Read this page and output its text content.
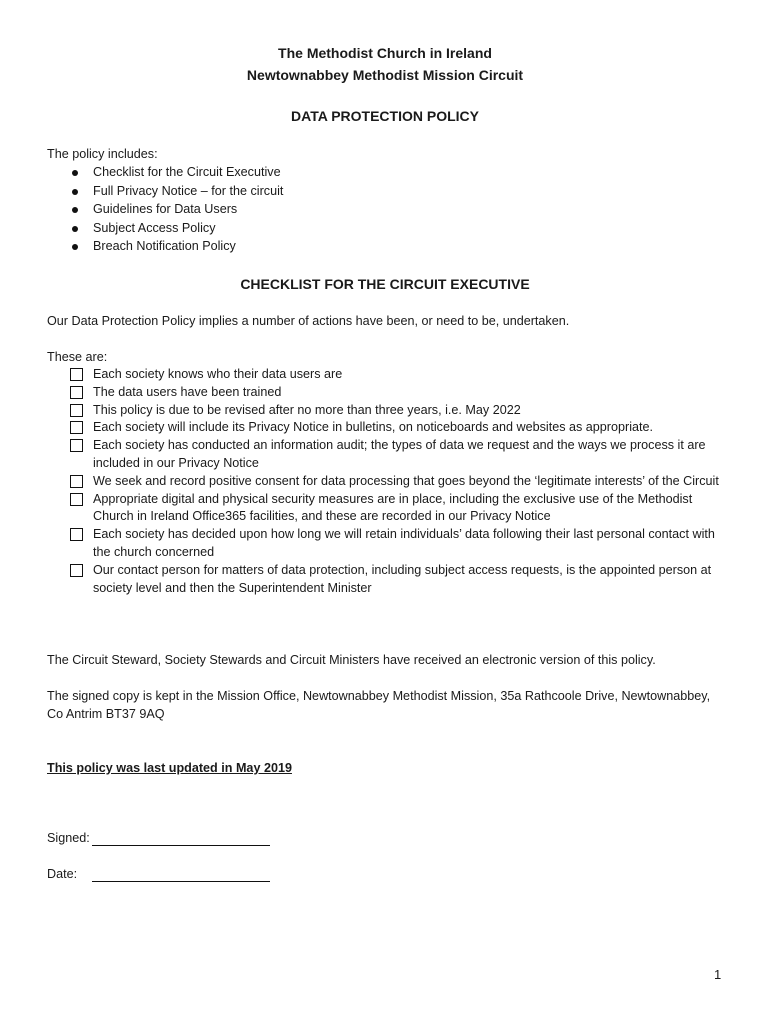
The Methodist Church in Ireland
Newtownabbey Methodist Mission Circuit
DATA PROTECTION POLICY
The policy includes:
Checklist for the Circuit Executive
Full Privacy Notice – for the circuit
Guidelines for Data Users
Subject Access Policy
Breach Notification Policy
CHECKLIST FOR THE CIRCUIT EXECUTIVE
Our Data Protection Policy implies a number of actions have been, or need to be, undertaken.
These are:
Each society knows who their data users are
The data users have been trained
This policy is due to be revised after no more than three years, i.e. May 2022
Each society will include its Privacy Notice in bulletins, on noticeboards and websites as appropriate.
Each society has conducted an information audit; the types of data we request and the ways we process it are included in our Privacy Notice
We seek and record positive consent for data processing that goes beyond the ‘legitimate interests’ of the Circuit
Appropriate digital and physical security measures are in place, including the exclusive use of the Methodist Church in Ireland Office365 facilities, and these are recorded in our Privacy Notice
Each society has decided upon how long we will retain individuals’ data following their last personal contact with the church concerned
Our contact person for matters of data protection, including subject access requests, is the appointed person at society level and then the Superintendent Minister
The Circuit Steward, Society Stewards and Circuit Ministers have received an electronic version of this policy.
The signed copy is kept in the Mission Office, Newtownabbey Methodist Mission, 35a Rathcoole Drive, Newtownabbey, Co Antrim BT37 9AQ
This policy was last updated in May 2019
Signed:
Date:
1
